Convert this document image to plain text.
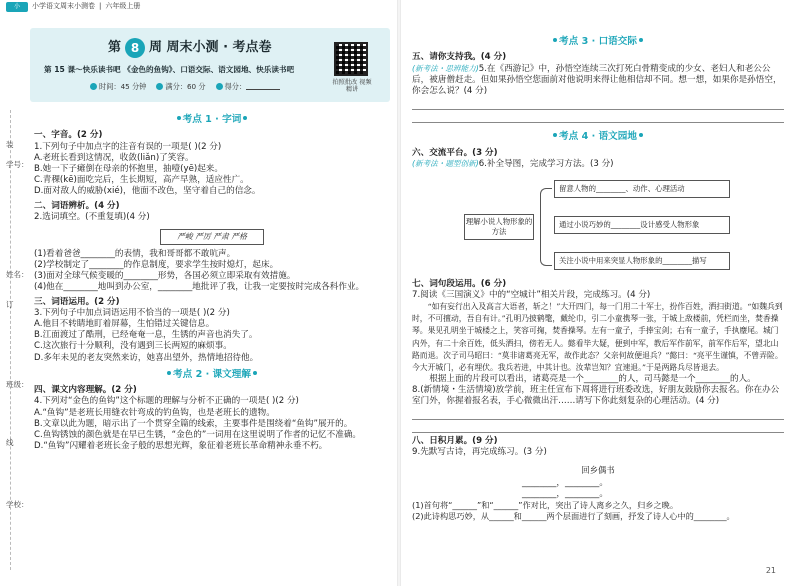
小	小学语文周末小测卷 | 六年级上册
第 8 周 周末小测 · 考点卷
第 15 课～快乐读书吧 《金色的鱼钩》、口语交际、语文园地、快乐读书吧
时间：45 分钟	满分：60 分	得分：	拍照批改 视频精讲
装
学号：
姓名：
订
班级：
线
学校：
考点 1 · 字词
一、字音。(2 分)
1.下列句子中加点字的注音有误的一项是( )(2 分)
A.老班长看到这情况，收敛(liǎn)了笑容。
B.她一下子瘫倒在母亲的怀抱里，抽噎(yē)起来。
C.青稞(kē)面吃完后，生长期短，高产早熟，适应性广。
D.面对敌人的威胁(xié)，他面不改色，坚守着自己的信念。
二、词语辨析。(4 分)
2.选词填空。(不重复填)(4 分)
严峻 严厉 严肃 严格
(1)看着爸爸________的表情，我和哥哥都不敢吭声。
(2)学校制定了________的作息制度，要求学生按时熄灯，起床。
(3)面对全球气候变暖的________形势，各国必须立即采取有效措施。
(4)他在________地叫到办公室，________地批评了我，让我一定要按时完成各科作业。
三、词语运用。(2 分)
3.下列句子中加点词语运用不恰当的一项是( )(2 分)
A.他目不转睛地盯着屏幕，生怕错过关键信息。
B.江面渡过了酷刑，已经奄奄一息，生锈的声音也消失了。
C.这次旅行十分顺利，没有遇到三长两短的麻烦事。
D.多年未见的老友突然来访，她喜出望外，热情地招待他。
考点 2 · 课文理解
四、课文内容理解。(2 分)
4.下列对“金色的鱼钩”这个标题的理解与分析不正确的一项是( )(2 分)
A.“鱼钩”是老班长用缝衣针弯成的钓鱼钩，也是老班长的遗物。
B.文章以此为题，暗示出了一个贯穿全篇的线索，主要事件是围绕着“鱼钩”展开的。
C.鱼钩锈蚀的颜色就是在早已生锈，“金色的”一词用在这里说明了作者的记忆不准确。
D.“鱼钩”闪耀着老班长金子般的思想光辉，象征着老班长革命精神永垂不朽。
考点 3 · 口语交际
五、请你支持我。(4 分)
(新考法・思辨能力)5.在《西游记》中，孙悟空连续三次打死白骨精变成的少女、老妇人和老公公后，被唐僧赶走。但如果孙悟空您面前对他说明来得让他相信却不同。想一想，如果你是孙悟空，你会怎么说？(4 分)
考点 4 · 语文园地
六、交流平台。(3 分)
(新考法・题型创新)6.补全导图，完成学习方法。(3 分)
理解小说人物形象的方法
留意人物的________、动作、心理活动
通过小说巧妙的________设计感受人物形象
关注小说中用来突显人物形象的________描写
七、词句段运用。(6 分)
7.阅读《三国演义》中的“空城计”相关片段，完成练习。(4 分)
“如有妄行出入及高言大语者，斩之！”大开四门，每一门用二十军士，扮作百姓，洒扫街道。“如魏兵到时，不可擅动，吾自有计。”孔明乃披鹤氅，戴纶巾，引二小童携琴一张，于城上敌楼前，凭栏而坐，焚香操琴。果见孔明坐于城楼之上，笑容可掬，焚香操琴。左有一童子，手捧宝剑；右有一童子，手执麈尾。城门内外，有二十余百姓，低头洒扫，傍若无人。懿看毕大疑，便到中军，教后军作前军，前军作后军，望北山路而退。次子司马昭曰：“莫非诸葛亮无军，故作此态？父亲何故便退兵？”懿曰：“亮平生谨慎，不曾弄险。今大开城门，必有埋伏。我兵若进，中其计也。汝辈岂知？宜速退。”于是两路兵尽皆退去。
根据上面的片段可以看出，诸葛亮是一个________的人，司马懿是一个________的人。
8.(新情境・生活情境)放学前，班主任宣布下周将进行班委改选，好朋友鼓励你去报名。你在办公室门外，你握着报名表，手心微微出汗……请写下你此刻复杂的心理活动。(4 分)
八、日积月累。(9 分)
9.先默写古诗，再完成练习。(3 分)
回乡偶书
________，________。
________，________。
(1)首句将“______”和“______”作对比，突出了诗人离乡之久，归乡之晚。
(2)此诗构思巧妙，从______和______两个层面进行了刻画，抒发了诗人心中的________。
21
